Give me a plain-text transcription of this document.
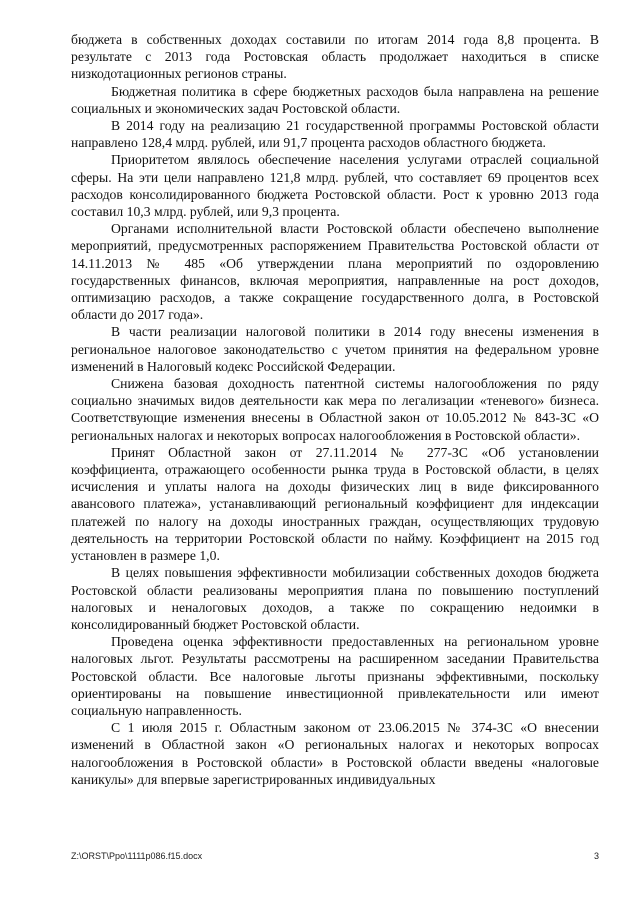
бюджета в собственных доходах составили по итогам 2014 года 8,8 процента. В результате с 2013 года Ростовская область продолжает находиться в списке низкодотационных регионов страны.

Бюджетная политика в сфере бюджетных расходов была направлена на решение социальных и экономических задач Ростовской области.

В 2014 году на реализацию 21 государственной программы Ростовской области направлено 128,4 млрд. рублей, или 91,7 процента расходов областного бюджета.

Приоритетом являлось обеспечение населения услугами отраслей социальной сферы. На эти цели направлено 121,8 млрд. рублей, что составляет 69 процентов всех расходов консолидированного бюджета Ростовской области. Рост к уровню 2013 года составил 10,3 млрд. рублей, или 9,3 процента.

Органами исполнительной власти Ростовской области обеспечено выполнение мероприятий, предусмотренных распоряжением Правительства Ростовской области от 14.11.2013 № 485 «Об утверждении плана мероприятий по оздоровлению государственных финансов, включая мероприятия, направленные на рост доходов, оптимизацию расходов, а также сокращение государственного долга, в Ростовской области до 2017 года».

В части реализации налоговой политики в 2014 году внесены изменения в региональное налоговое законодательство с учетом принятия на федеральном уровне изменений в Налоговый кодекс Российской Федерации.

Снижена базовая доходность патентной системы налогообложения по ряду социально значимых видов деятельности как мера по легализации «теневого» бизнеса. Соответствующие изменения внесены в Областной закон от 10.05.2012 № 843-ЗС «О региональных налогах и некоторых вопросах налогообложения в Ростовской области».

Принят Областной закон от 27.11.2014 № 277-ЗС «Об установлении коэффициента, отражающего особенности рынка труда в Ростовской области, в целях исчисления и уплаты налога на доходы физических лиц в виде фиксированного авансового платежа», устанавливающий региональный коэффициент для индексации платежей по налогу на доходы иностранных граждан, осуществляющих трудовую деятельность на территории Ростовской области по найму. Коэффициент на 2015 год установлен в размере 1,0.

В целях повышения эффективности мобилизации собственных доходов бюджета Ростовской области реализованы мероприятия плана по повышению поступлений налоговых и неналоговых доходов, а также по сокращению недоимки в консолидированный бюджет Ростовской области.

Проведена оценка эффективности предоставленных на региональном уровне налоговых льгот. Результаты рассмотрены на расширенном заседании Правительства Ростовской области. Все налоговые льготы признаны эффективными, поскольку ориентированы на повышение инвестиционной привлекательности или имеют социальную направленность.

С 1 июля 2015 г. Областным законом от 23.06.2015 № 374-ЗС «О внесении изменений в Областной закон «О региональных налогах и некоторых вопросах налогообложения в Ростовской области» в Ростовской области введены «налоговые каникулы» для впервые зарегистрированных индивидуальных

Z:\ORST\Ppo\1111p086.f15.docx	3
